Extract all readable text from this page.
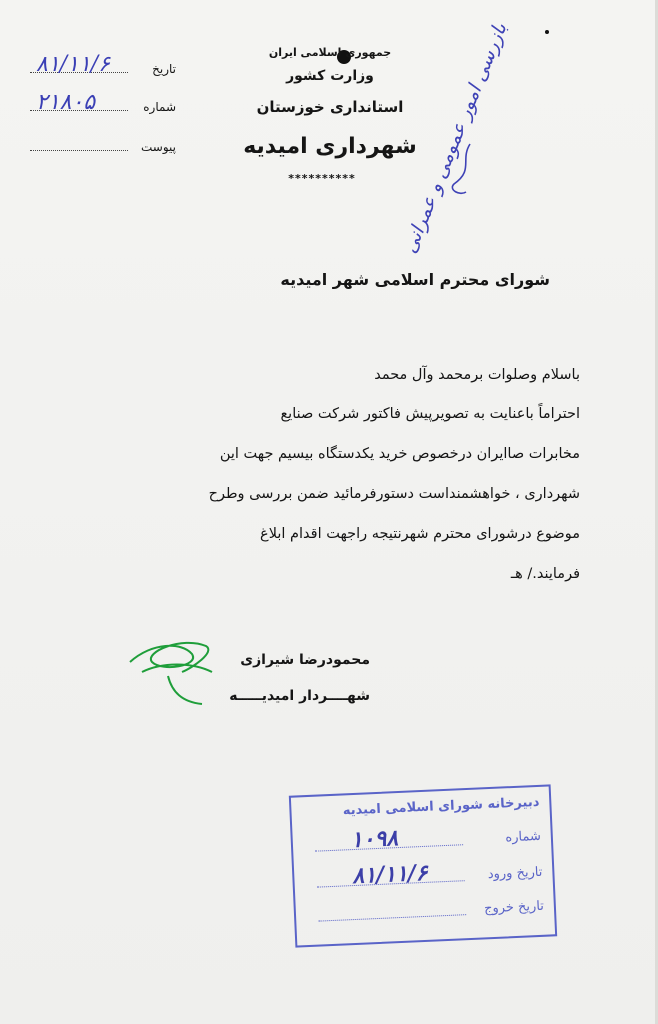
تاریخ
۸۱/۱۱/۶
شماره
۲۱۸۰۵
پیوست
جمهوری اسلامی ایران
وزارت کشور
استانداری خوزستان
شهرداری امیدیه
**********	بازرسی امور عمومی و عمرانی
شورای محترم اسلامی شهر امیدیه
باسلام وصلوات برمحمد وآل محمد
احتراماً باعنایت به تصویرپیش فاکتور شرکت صنایع
مخابرات صاایران درخصوص خرید یکدستگاه بیسیم جهت این
شهرداری ، خواهشمنداست دستورفرمائید ضمن بررسی وطرح
موضوع درشورای محترم شهرنتیجه راجهت اقدام ابلاغ
فرمایند./ هـ
محمودرضا شیرازی
شهــــردار امیدیـــــه
دبیرخانه شورای اسلامی امیدیه
شماره
۱۰۹۸
تاریخ ورود
۸۱/۱۱/۶
تاریخ خروج
